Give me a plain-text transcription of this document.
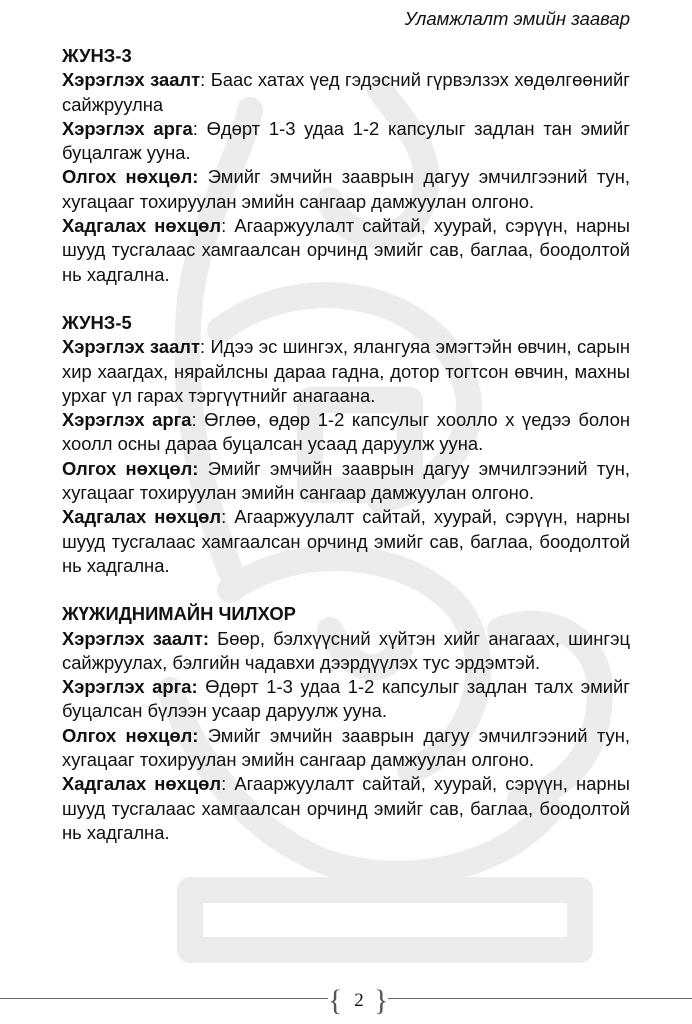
Уламжлалт эмийн заавар
ЖУНЗ-3

Хэрэглэх заалт: Баас хатах үед гэдэсний гүрвэлзэх хөдөлгөөнийг сайжруулна

Хэрэглэх арга: Өдөрт 1-3 удаа 1-2 капсулыг задлан тан эмийг буцалгаж ууна.

Олгох нөхцөл: Эмийг эмчийн зааврын дагуу эмчилгээний тун, хугацааг тохируулан эмийн сангаар дамжуулан олгоно.

Хадгалах нөхцөл: Агааржуулалт сайтай, хуурай, сэрүүн, нарны шууд тусгалаас хамгаалсан орчинд эмийг сав, баглаа, боодолтой нь хадгална.

ЖУНЗ-5

Хэрэглэх заалт: Идээ эс шингэх, ялангуяа эмэгтэйн өвчин, сарын хир хаагдах, нярайлсны дараа гадна, дотор тогтсон өвчин, махны урхаг үл гарах тэргүүтнийг анагаана.

Хэрэглэх арга: Өглөө, өдөр 1-2 капсулыг хоолло х үедээ болон хоолл осны дараа буцалсан усаад даруулж ууна.

Олгох нөхцөл: Эмийг эмчийн зааврын дагуу эмчилгээний тун, хугацааг тохируулан эмийн сангаар дамжуулан олгоно.

Хадгалах нөхцөл: Агааржуулалт сайтай, хуурай, сэрүүн, нарны шууд тусгалаас хамгаалсан орчинд эмийг сав, баглаа, боодолтой нь хадгална.

ЖҮЖИДНИМАЙН ЧИЛХОР

Хэрэглэх заалт: Бөөр, бэлхүүсний хүйтэн хийг анагаах, шингэц сайжруулах, бэлгийн чадавхи дээрдүүлэх тус эрдэмтэй.

Хэрэглэх арга: Өдөрт 1-3 удаа 1-2 капсулыг задлан талх эмийг буцалсан бүлээн усаар даруулж ууна.

Олгох нөхцөл: Эмийг эмчийн зааврын дагуу эмчилгээний тун, хугацааг тохируулан эмийн сангаар дамжуулан олгоно.

Хадгалах нөхцөл: Агааржуулалт сайтай, хуурай, сэрүүн, нарны шууд тусгалаас хамгаалсан орчинд эмийг сав, баглаа, боодолтой нь хадгална.

{ }
2
